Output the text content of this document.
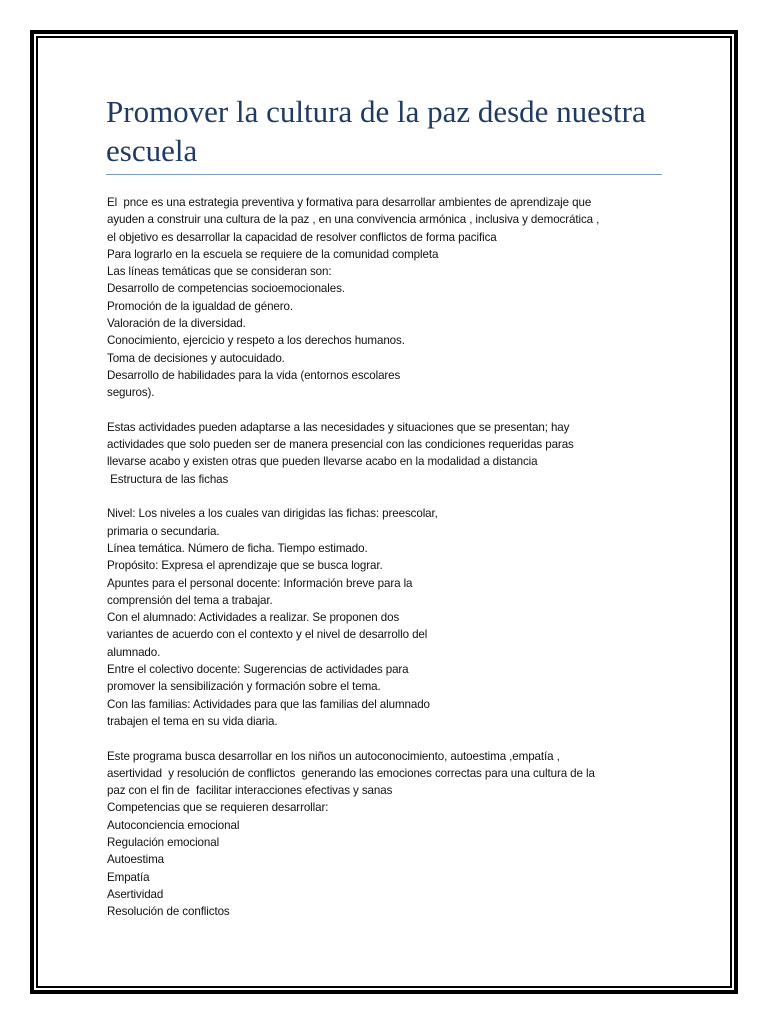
Promover la cultura de la paz desde nuestra escuela
El  pnce es una estrategia preventiva y formativa para desarrollar ambientes de aprendizaje que
ayuden a construir una cultura de la paz , en una convivencia armónica , inclusiva y democrática ,
el objetivo es desarrollar la capacidad de resolver conflictos de forma pacifica
Para lograrlo en la escuela se requiere de la comunidad completa
Las líneas temáticas que se consideran son:
Desarrollo de competencias socioemocionales.
Promoción de la igualdad de género.
Valoración de la diversidad.
Conocimiento, ejercicio y respeto a los derechos humanos.
Toma de decisiones y autocuidado.
Desarrollo de habilidades para la vida (entornos escolares
seguros).
Estas actividades pueden adaptarse a las necesidades y situaciones que se presentan; hay
actividades que solo pueden ser de manera presencial con las condiciones requeridas paras
llevarse acabo y existen otras que pueden llevarse acabo en la modalidad a distancia
Estructura de las fichas
Nivel: Los niveles a los cuales van dirigidas las fichas: preescolar,
primaria o secundaria.
Línea temática. Número de ficha. Tiempo estimado.
Propósito: Expresa el aprendizaje que se busca lograr.
Apuntes para el personal docente: Información breve para la
comprensión del tema a trabajar.
Con el alumnado: Actividades a realizar. Se proponen dos
variantes de acuerdo con el contexto y el nivel de desarrollo del
alumnado.
Entre el colectivo docente: Sugerencias de actividades para
promover la sensibilización y formación sobre el tema.
Con las familias: Actividades para que las familias del alumnado
trabajen el tema en su vida diaria.
Este programa busca desarrollar en los niños un autoconocimiento, autoestima ,empatía ,
asertividad  y resolución de conflictos  generando las emociones correctas para una cultura de la
paz con el fin de  facilitar interacciones efectivas y sanas
Competencias que se requieren desarrollar:
Autoconciencia emocional
Regulación emocional
Autoestima
Empatía
Asertividad
Resolución de conflictos
